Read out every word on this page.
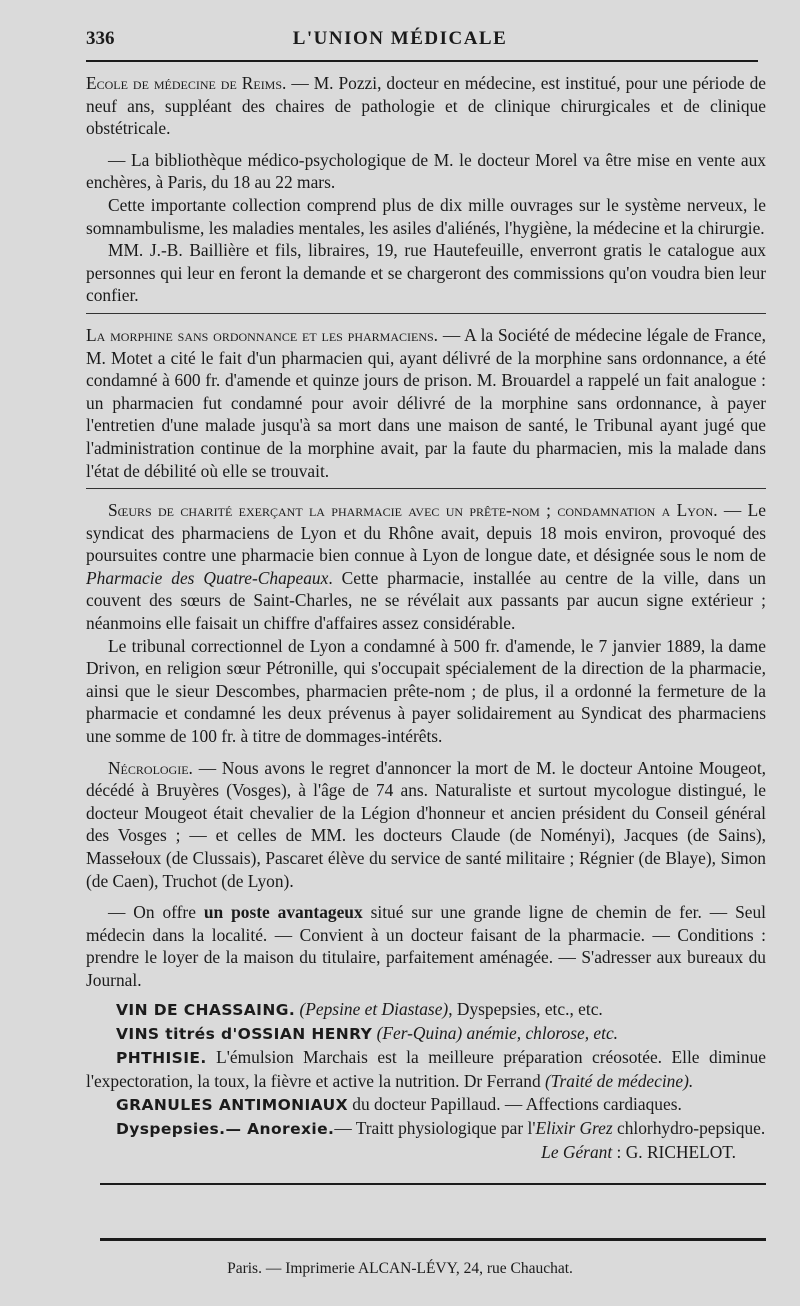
336	L'UNION MÉDICALE

Ecole de médecine de Reims. — M. Pozzi, docteur en médecine, est institué, pour une période de neuf ans, suppléant des chaires de pathologie et de clinique chirurgicales et de clinique obstétricale.

— La bibliothèque médico-psychologique de M. le docteur Morel va être mise en vente aux enchères, à Paris, du 18 au 22 mars.

Cette importante collection comprend plus de dix mille ouvrages sur le système nerveux, le somnambulisme, les maladies mentales, les asiles d'aliénés, l'hygiène, la médecine et la chirurgie.

MM. J.-B. Baillière et fils, libraires, 19, rue Hautefeuille, enverront gratis le catalogue aux personnes qui leur en feront la demande et se chargeront des commissions qu'on voudra bien leur confier.

La morphine sans ordonnance et les pharmaciens. — A la Société de médecine légale de France, M. Motet a cité le fait d'un pharmacien qui, ayant délivré de la morphine sans ordonnance, a été condamné à 600 fr. d'amende et quinze jours de prison. M. Brouardel a rappelé un fait analogue : un pharmacien fut condamné pour avoir délivré de la morphine sans ordonnance, à payer l'entretien d'une malade jusqu'à sa mort dans une maison de santé, le Tribunal ayant jugé que l'administration continue de la morphine avait, par la faute du pharmacien, mis la malade dans l'état de débilité où elle se trouvait.

Sœurs de charité exerçant la pharmacie avec un prête-nom ; condamnation a Lyon. — Le syndicat des pharmaciens de Lyon et du Rhône avait, depuis 18 mois environ, provoqué des poursuites contre une pharmacie bien connue à Lyon de longue date, et désignée sous le nom de Pharmacie des Quatre-Chapeaux. Cette pharmacie, installée au centre de la ville, dans un couvent des sœurs de Saint-Charles, ne se révélait aux passants par aucun signe extérieur ; néanmoins elle faisait un chiffre d'affaires assez considérable.

Le tribunal correctionnel de Lyon a condamné à 500 fr. d'amende, le 7 janvier 1889, la dame Drivon, en religion sœur Pétronille, qui s'occupait spécialement de la direction de la pharmacie, ainsi que le sieur Descombes, pharmacien prête-nom ; de plus, il a ordonné la fermeture de la pharmacie et condamné les deux prévenus à payer solidairement au Syndicat des pharmaciens une somme de 100 fr. à titre de dommages-intérêts.

Nécrologie. — Nous avons le regret d'annoncer la mort de M. le docteur Antoine Mougeot, décédé à Bruyères (Vosges), à l'âge de 74 ans. Naturaliste et surtout mycologue distingué, le docteur Mougeot était chevalier de la Légion d'honneur et ancien président du Conseil général des Vosges ; — et celles de MM. les docteurs Claude (de Noményi), Jacques (de Sains), Massełoux (de Clussais), Pascaret élève du service de santé militaire ; Régnier (de Blaye), Simon (de Caen), Truchot (de Lyon).

— On offre un poste avantageux situé sur une grande ligne de chemin de fer. — Seul médecin dans la localité. — Convient à un docteur faisant de la pharmacie. — Conditions : prendre le loyer de la maison du titulaire, parfaitement aménagée. — S'adresser aux bureaux du Journal.

VIN DE CHASSAING. (Pepsine et Diastase), Dyspepsies, etc., etc.

VINS titrés d'OSSIAN HENRY (Fer-Quina) anémie, chlorose, etc.

PHTHISIE. L'émulsion Marchais est la meilleure préparation créosotée. Elle diminue l'expectoration, la toux, la fièvre et active la nutrition. Dr Ferrand (Traité de médecine).

GRANULES ANTIMONIAUX du docteur Papillaud. — Affections cardiaques.

Dyspepsies.— Anorexie.— Traitt physiologique par l'Elixir Grez chlorhydro-pepsique.

Le Gérant : G. RICHELOT.

Paris. — Imprimerie ALCAN-LÉVY, 24, rue Chauchat.
